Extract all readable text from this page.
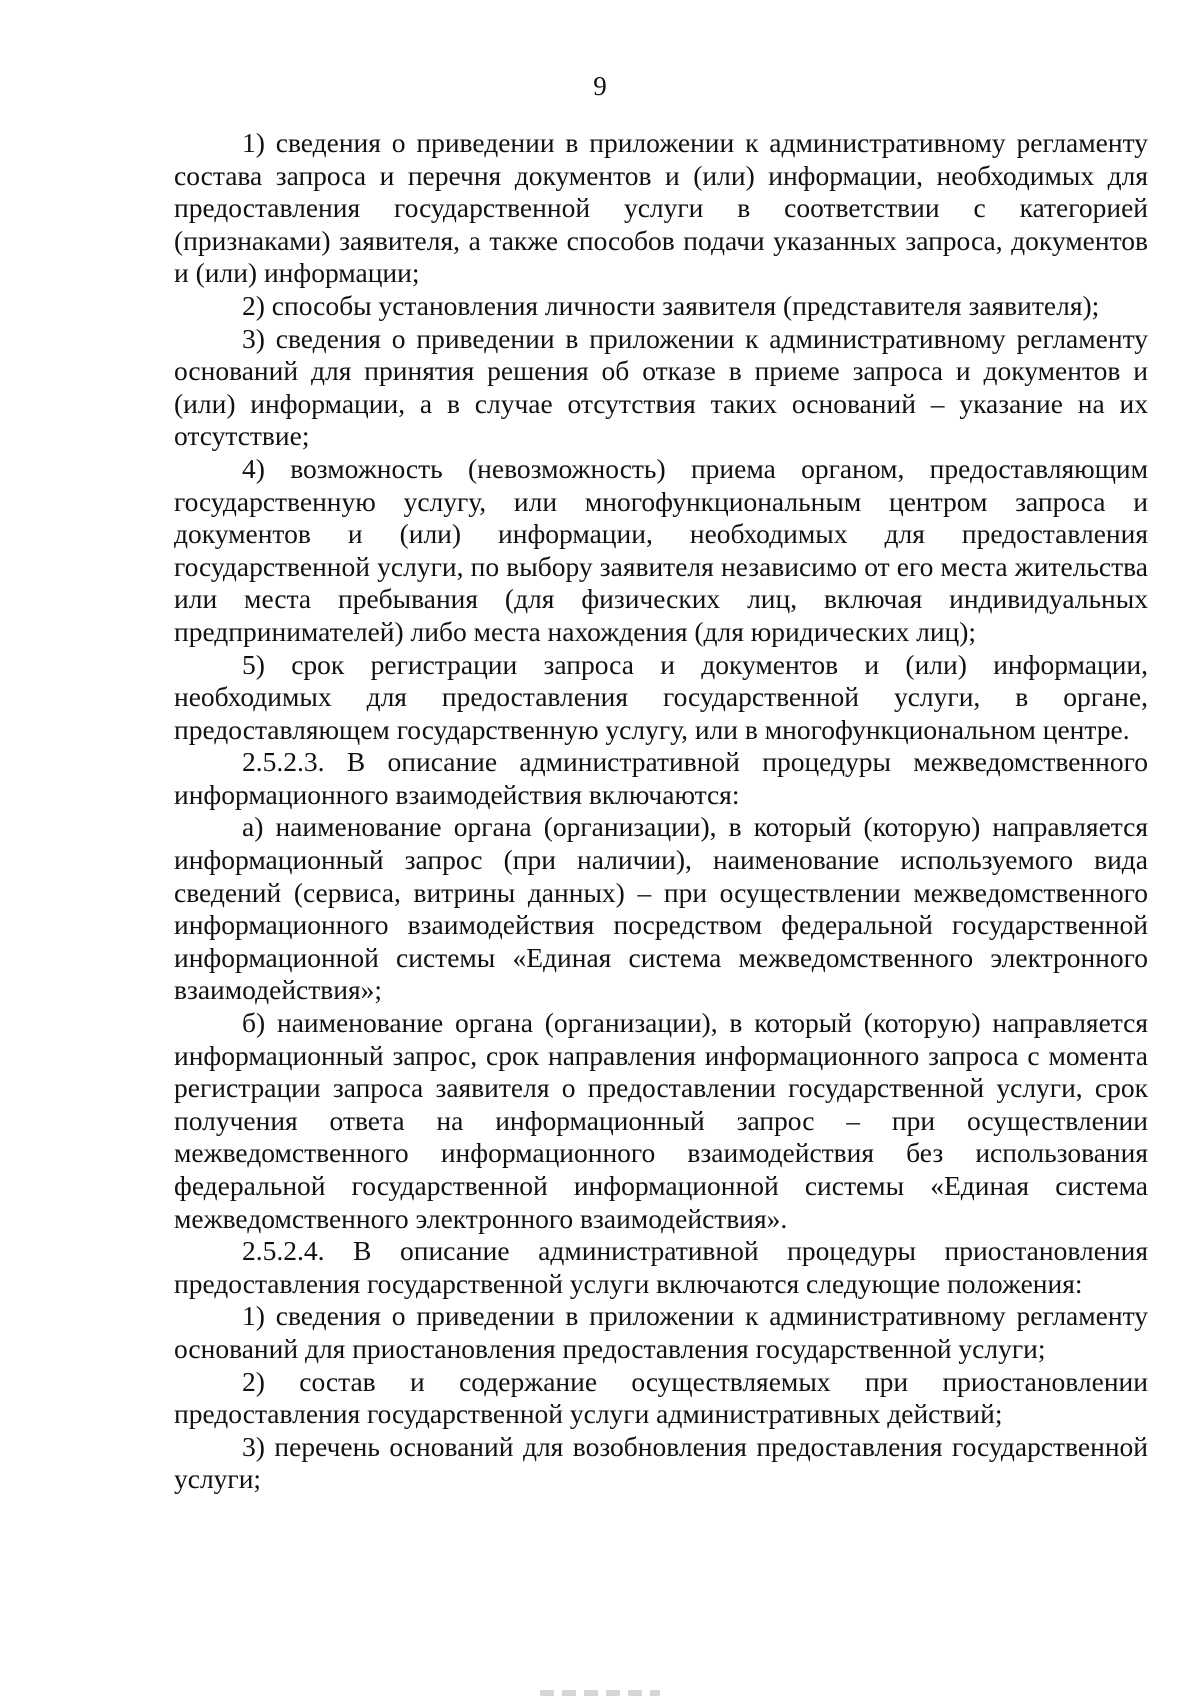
9

1) сведения о приведении в приложении к административному регламенту состава запроса и перечня документов и (или) информации, необходимых для предоставления государственной услуги в соответствии с категорией (признаками) заявителя, а также способов подачи указанных запроса, документов и (или) информации;

2) способы установления личности заявителя (представителя заявителя);

3) сведения о приведении в приложении к административному регламенту оснований для принятия решения об отказе в приеме запроса и документов и (или) информации, а в случае отсутствия таких оснований – указание на их отсутствие;

4) возможность (невозможность) приема органом, предоставляющим государственную услугу, или многофункциональным центром запроса и документов и (или) информации, необходимых для предоставления государственной услуги, по выбору заявителя независимо от его места жительства или места пребывания (для физических лиц, включая индивидуальных предпринимателей) либо места нахождения (для юридических лиц);

5) срок регистрации запроса и документов и (или) информации, необходимых для предоставления государственной услуги, в органе, предоставляющем государственную услугу, или в многофункциональном центре.

2.5.2.3. В описание административной процедуры межведомственного информационного взаимодействия включаются:

а) наименование органа (организации), в который (которую) направляется информационный запрос (при наличии), наименование используемого вида сведений (сервиса, витрины данных) – при осуществлении межведомственного информационного взаимодействия посредством федеральной государственной информационной системы «Единая система межведомственного электронного взаимодействия»;

б) наименование органа (организации), в который (которую) направляется информационный запрос, срок направления информационного запроса с момента регистрации запроса заявителя о предоставлении государственной услуги, срок получения ответа на информационный запрос – при осуществлении межведомственного информационного взаимодействия без использования федеральной государственной информационной системы «Единая система межведомственного электронного взаимодействия».

2.5.2.4. В описание административной процедуры приостановления предоставления государственной услуги включаются следующие положения:

1) сведения о приведении в приложении к административному регламенту оснований для приостановления предоставления государственной услуги;

2) состав и содержание осуществляемых при приостановлении предоставления государственной услуги административных действий;

3) перечень оснований для возобновления предоставления государственной услуги;
